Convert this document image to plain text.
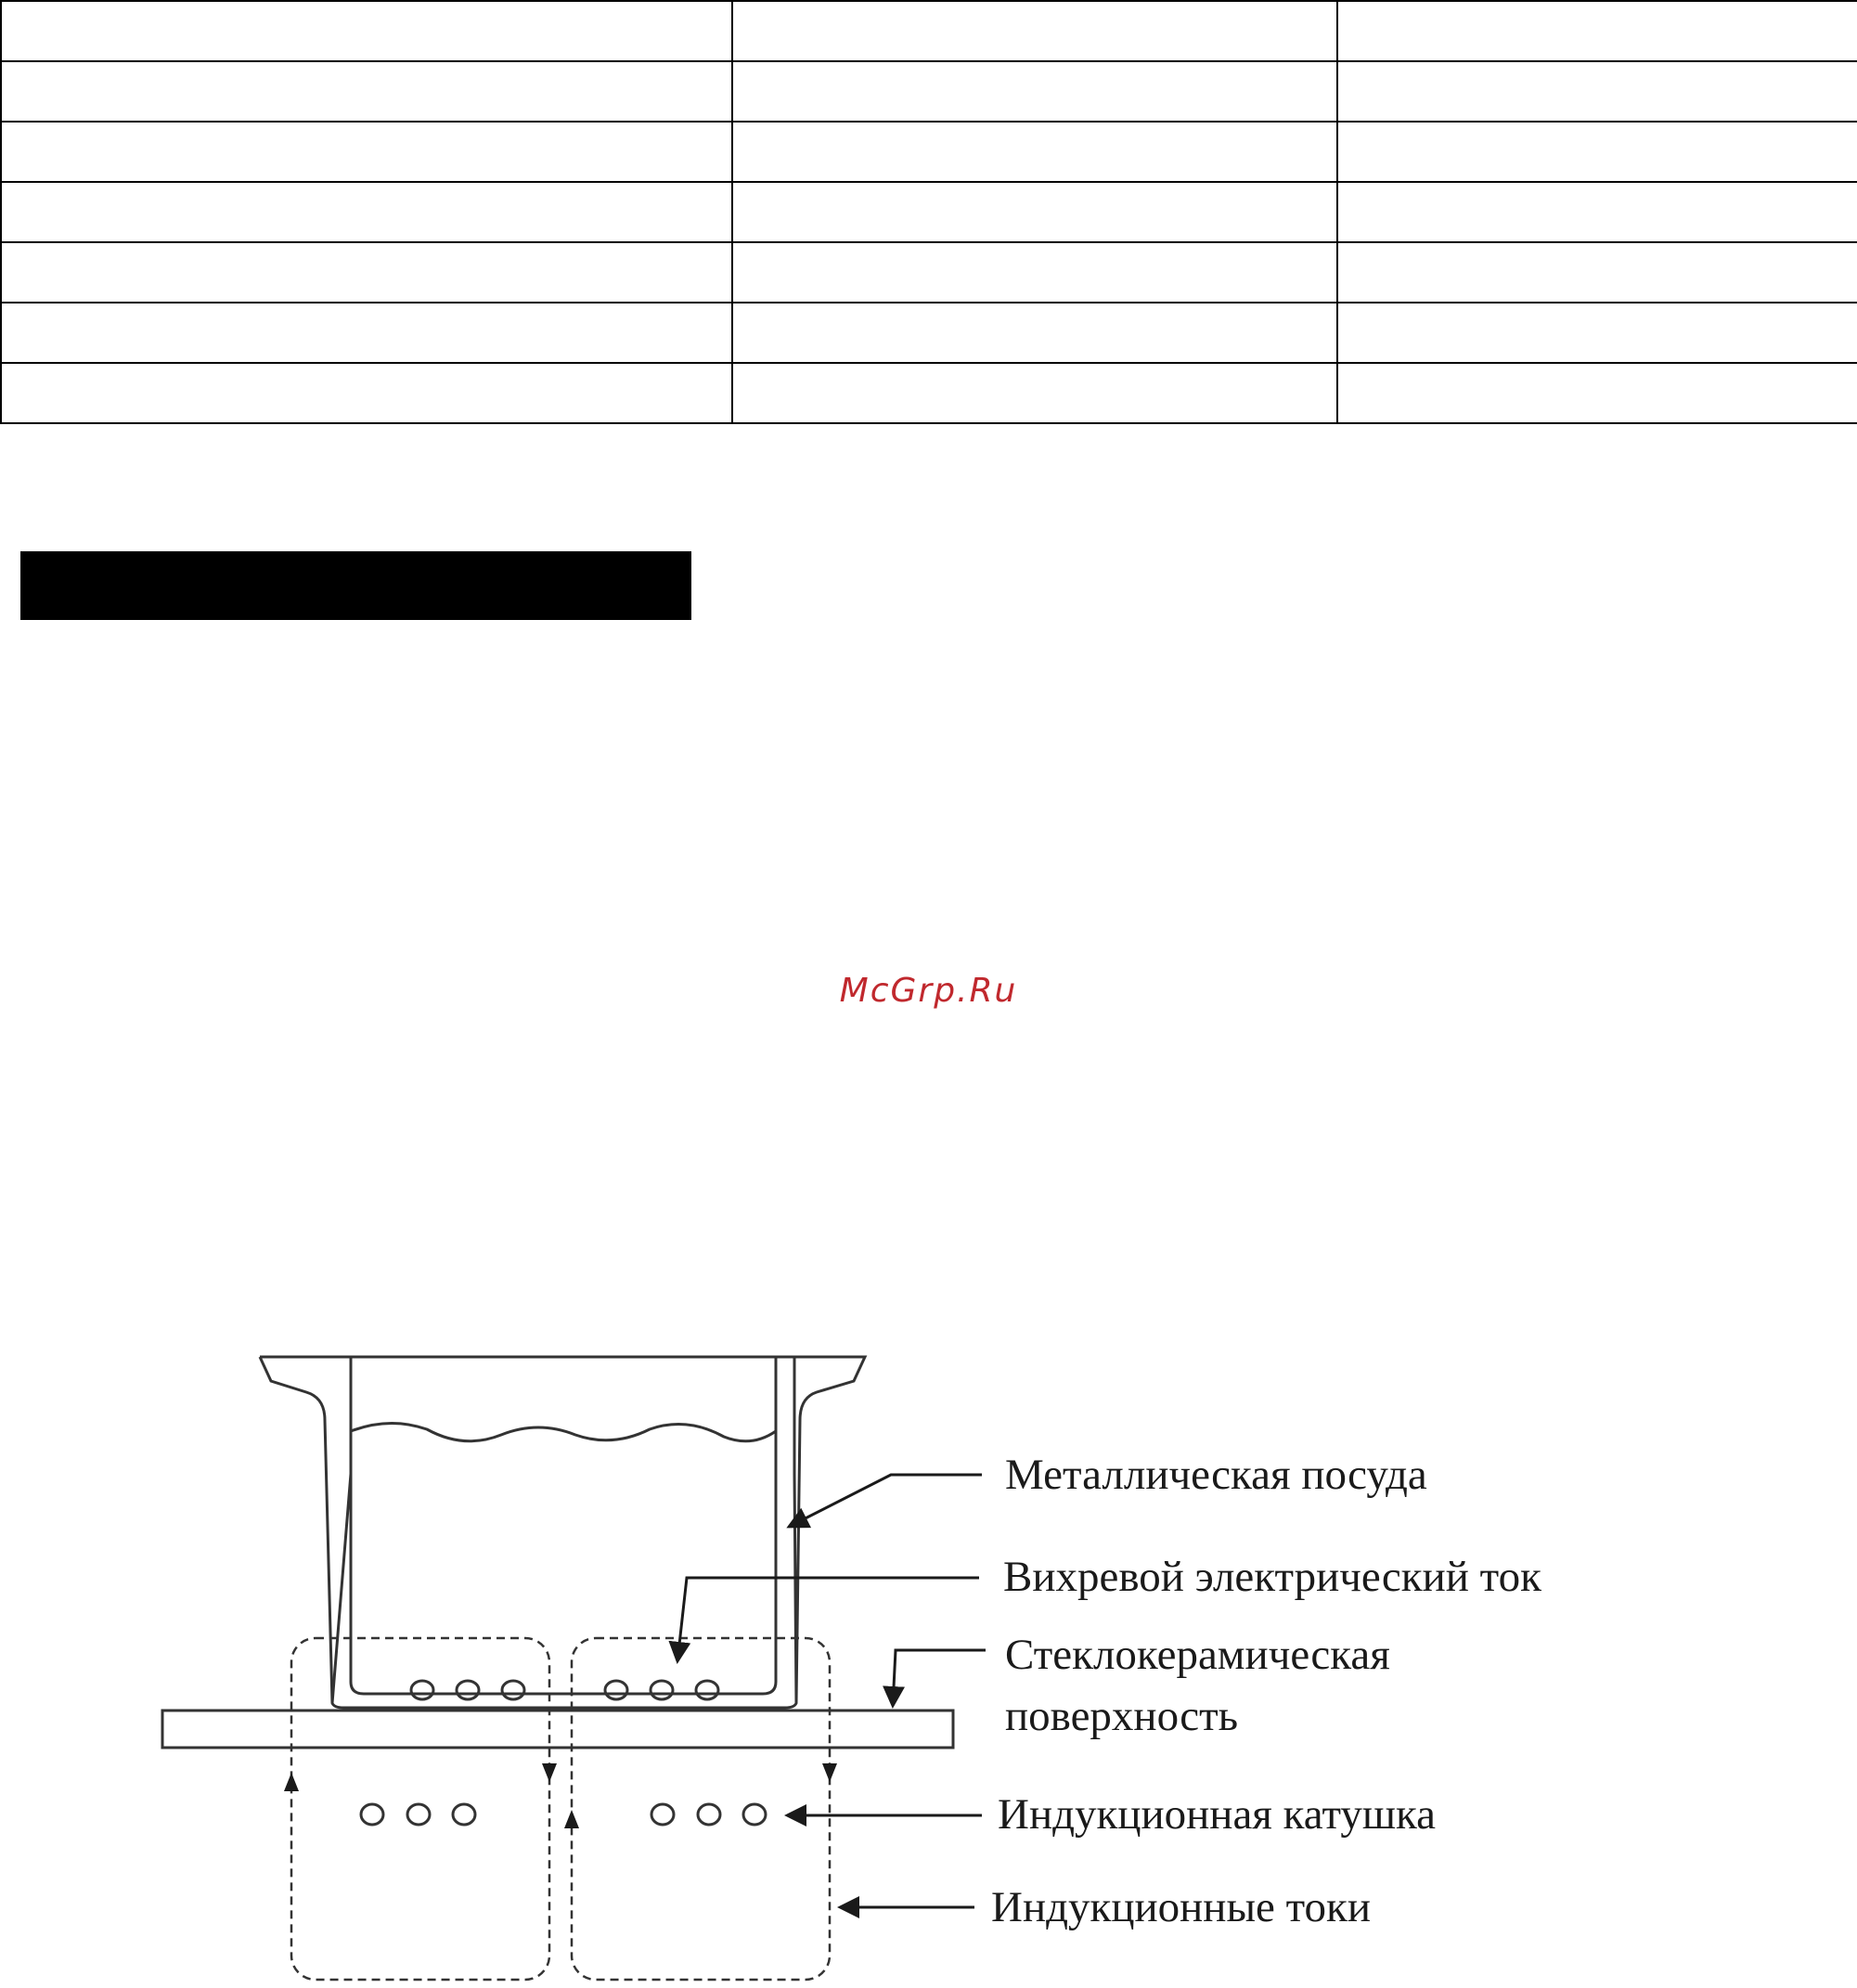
McGrp.Ru
Металлическая посуда
Вихревой электрический ток
Стеклокерамическая
поверхность
Индукционная катушка
Индукционные токи
